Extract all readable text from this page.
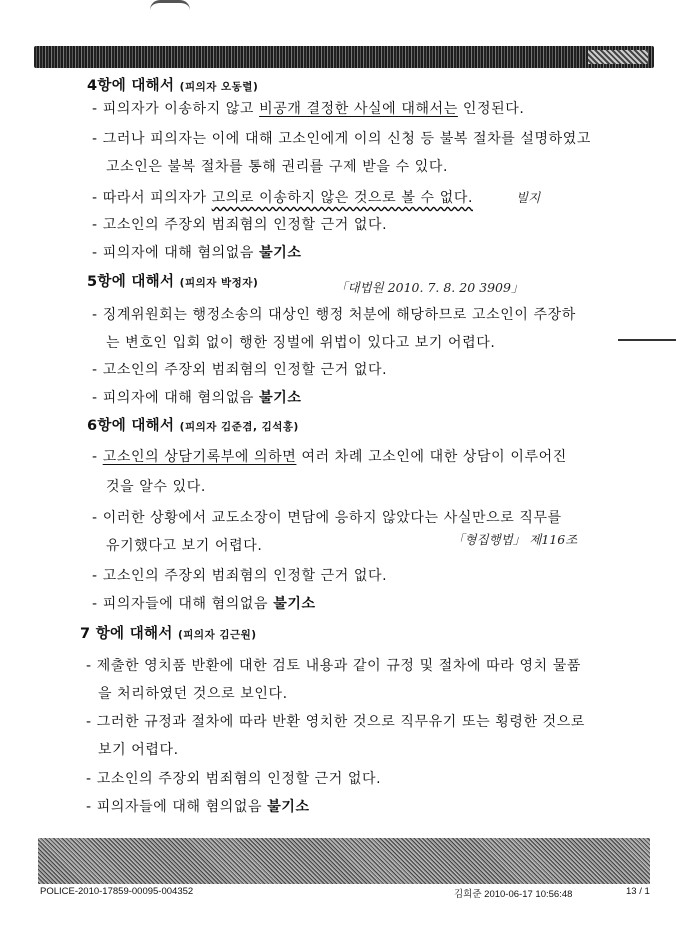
4항에 대해서 (피의자 오동렬)
- 피의자가 이송하지 않고 비공개 결정한 사실에 대해서는 인정된다.
- 그러나 피의자는 이에 대해 고소인에게 이의 신청 등 불복 절차를 설명하였고
고소인은 불복 절차를 통해 권리를 구제 받을 수 있다.
- 따라서 피의자가 고의로 이송하지 않은 것으로 볼 수 없다.	빌지
- 고소인의 주장외 범죄혐의 인정할 근거 없다.
- 피의자에 대해 혐의없음 불기소
5항에 대해서 (피의자 박정자)	「대법원 2010. 7. 8. 20 3909」
- 징계위원회는 행정소송의 대상인 행정 처분에 해당하므로 고소인이 주장하
는 변호인 입회 없이 행한 징벌에 위법이 있다고 보기 어렵다.
- 고소인의 주장외 범죄혐의 인정할 근거 없다.
- 피의자에 대해 혐의없음 불기소
6항에 대해서 (피의자 김준겸, 김석홍)
- 고소인의 상담기록부에 의하면 여러 차례 고소인에 대한 상담이 이루어진
것을 알수 있다.
- 이러한 상황에서 교도소장이 면담에 응하지 않았다는 사실만으로 직무를
유기했다고 보기 어렵다.	「형집행법」 제116조
- 고소인의 주장외 범죄혐의 인정할 근거 없다.
- 피의자들에 대해 혐의없음 불기소
7 항에 대해서 (피의자 김근원)
- 제출한 영치품 반환에 대한 검토 내용과 같이 규정 및 절차에 따라 영치 물품
을 처리하였던 것으로 보인다.
- 그러한 규정과 절차에 따라 반환 영치한 것으로 직무유기 또는 횡령한 것으로
보기 어렵다.
- 고소인의 주장외 범죄혐의 인정할 근거 없다.
- 피의자들에 대해 혐의없음 불기소
POLICE-2010-17859-00095-004352	김희준 2010-06-17 10:56:48	13 / 1
